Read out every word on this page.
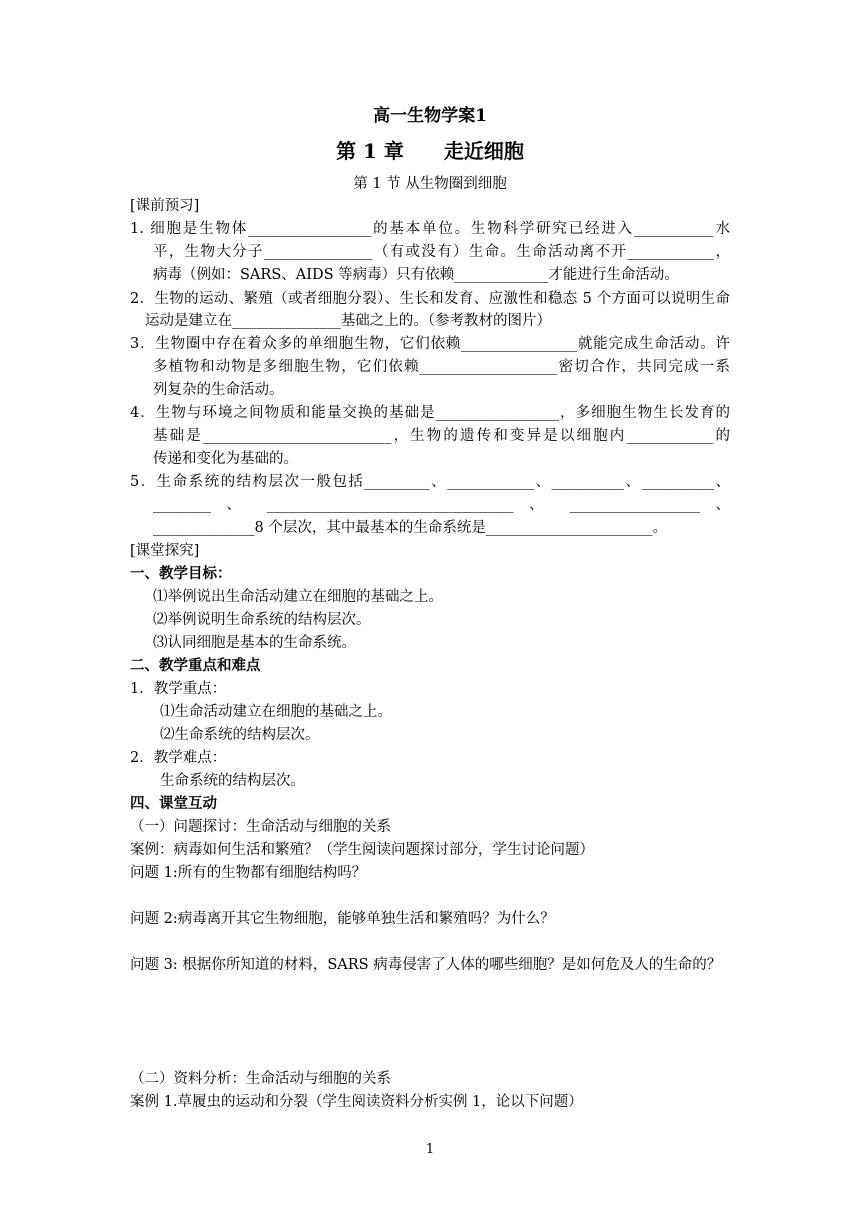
高一生物学案1
第 1 章　　走近细胞
第 1 节 从生物圈到细胞
[课前预习]
1. 细胞是生物体_________________的基本单位。生物科学研究已经进入___________水
平，生物大分子_______________（有或没有）生命。生命活动离不开____________，
病毒（例如：SARS、AIDS 等病毒）只有依赖_____________才能进行生命活动。
2．生物的运动、繁殖（或者细胞分裂）、生长和发育、应激性和稳态 5 个方面可以说明生命
运动是建立在_______________基础之上的。（参考教材的图片）
3．生物圈中存在着众多的单细胞生物，它们依赖________________就能完成生命活动。许
多植物和动物是多细胞生物，它们依赖___________________密切合作，共同完成一系
列复杂的生命活动。
4．生物与环境之间物质和能量交换的基础是_________________，多细胞生物生长发育的
基础是__________________________，生物的遗传和变异是以细胞内____________的
传递和变化为基础的。
5．生命系统的结构层次一般包括_________、____________、__________、__________、
________ 、 __________________________________ 、 __________________ 、
______________8 个层次，其中最基本的生命系统是_______________________。
[课堂探究]
一、教学目标：
⑴举例说出生命活动建立在细胞的基础之上。
⑵举例说明生命系统的结构层次。
⑶认同细胞是基本的生命系统。
二、教学重点和难点
1．教学重点：
⑴生命活动建立在细胞的基础之上。
⑵生命系统的结构层次。
2．教学难点：
生命系统的结构层次。
四、课堂互动
（一）问题探讨：生命活动与细胞的关系
案例：病毒如何生活和繁殖？（学生阅读问题探讨部分，学生讨论问题）
问题 1:所有的生物都有细胞结构吗？
问题 2:病毒离开其它生物细胞，能够单独生活和繁殖吗？为什么？
问题 3: 根据你所知道的材料，SARS 病毒侵害了人体的哪些细胞？是如何危及人的生命的？
（二）资料分析：生命活动与细胞的关系
案例 1.草履虫的运动和分裂（学生阅读资料分析实例 1，论以下问题）
1
